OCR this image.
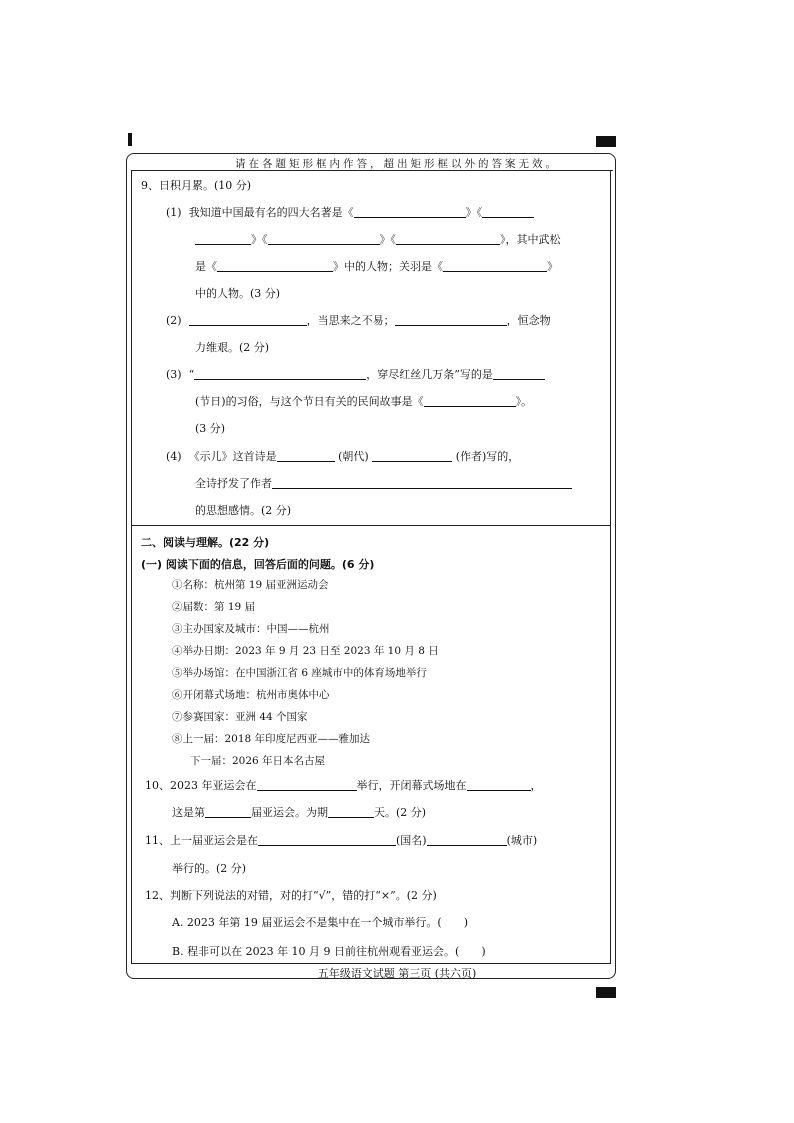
请在各题矩形框内作答，超出矩形框以外的答案无效。
9、日积月累。(10 分)
(1) 我知道中国最有名的四大名著是《	》《
》《	》《	》，其中武松
是《	》中的人物；关羽是《	》
中的人物。(3 分)
(2)	，当思来之不易；	，恒念物
力维艰。(2 分)
(3) “	，穿尽红丝几万条”写的是
(节日)的习俗，与这个节日有关的民间故事是《	》。
(3 分)
(4) 《示儿》这首诗是	(朝代)	(作者)写的，
全诗抒发了作者
的思想感情。(2 分)
二、阅读与理解。(22 分)
(一) 阅读下面的信息，回答后面的问题。(6 分)
①名称：杭州第 19 届亚洲运动会
②届数：第 19 届
③主办国家及城市：中国——杭州
④举办日期：2023 年 9 月 23 日至 2023 年 10 月 8 日
⑤举办场馆：在中国浙江省 6 座城市中的体育场地举行
⑥开闭幕式场地：杭州市奥体中心
⑦参赛国家：亚洲 44 个国家
⑧上一届：2018 年印度尼西亚——雅加达
下一届：2026 年日本名古屋
10、2023 年亚运会在	举行，开闭幕式场地在	，
这是第	届亚运会。为期	天。(2 分)
11、上一届亚运会是在	(国名)	(城市)
举行的。(2 分)
12、判断下列说法的对错，对的打“√”，错的打“×”。(2 分)
A. 2023 年第 19 届亚运会不是集中在一个城市举行。(　　)
B. 程非可以在 2023 年 10 月 9 日前往杭州观看亚运会。(　　)
五年级语文试题 第三页 (共六页)
